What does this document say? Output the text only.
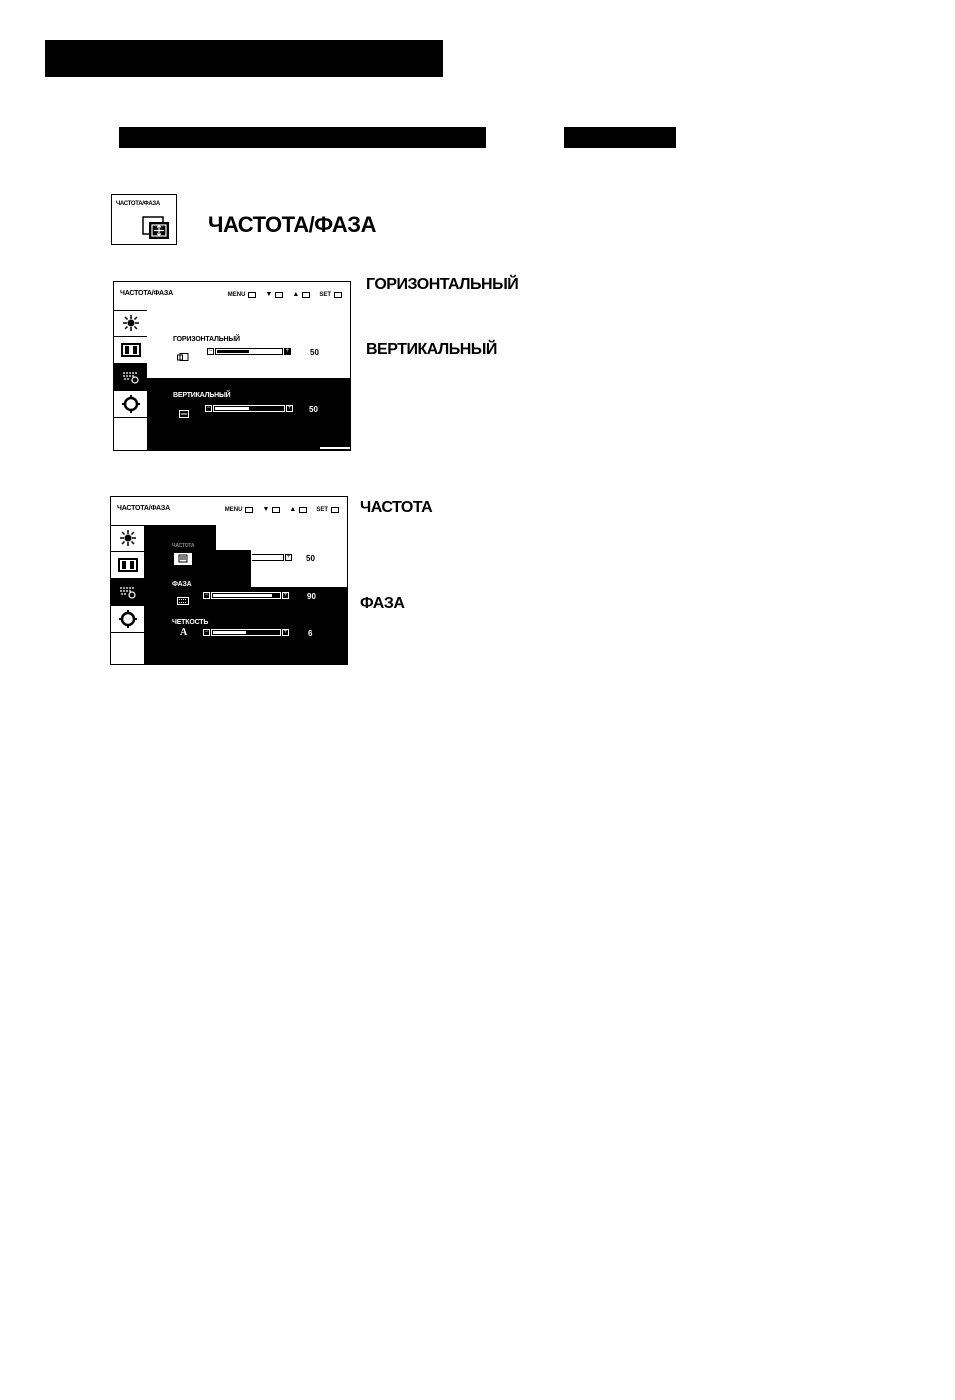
ЧАСТОТА/ФАЗА
ЧАСТОТА/ФАЗА
ЧАСТОТА/ФАЗА	MENU	▼	▲	SET
ГОРИЗОНТАЛЬНЫЙ
−	+	50
ВЕРТИКАЛЬНЫЙ
−	+ 50
ГОРИЗОНТАЛЬНЫЙ
ВЕРТИКАЛЬНЫЙ
ЧАСТОТА/ФАЗА	MENU	▼	▲	SET
ЧАСТОТА
+ 50
ФАЗА
−	+ 90
ЧЕТКОСТЬ
A	−	+	6
ЧАСТОТА
ФАЗА
